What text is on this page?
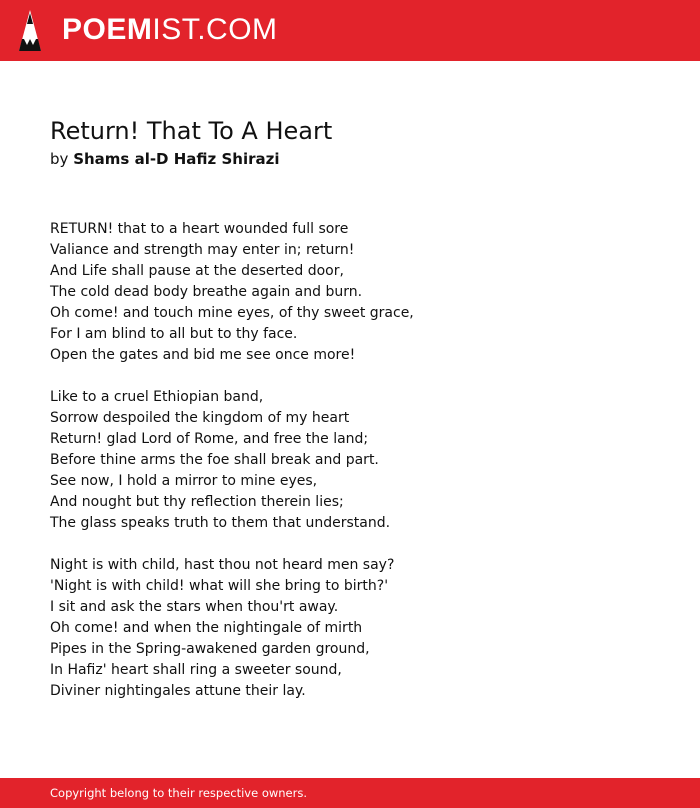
POEMIST.COM
Return! That To A Heart
by Shams al-D Hafiz Shirazi
RETURN! that to a heart wounded full sore
Valiance and strength may enter in; return!
And Life shall pause at the deserted door,
The cold dead body breathe again and burn.
Oh come! and touch mine eyes, of thy sweet grace,
For I am blind to all but to thy face.
Open the gates and bid me see once more!
Like to a cruel Ethiopian band,
Sorrow despoiled the kingdom of my heart
Return! glad Lord of Rome, and free the land;
Before thine arms the foe shall break and part.
See now, I hold a mirror to mine eyes,
And nought but thy reflection therein lies;
The glass speaks truth to them that understand.
Night is with child, hast thou not heard men say?
'Night is with child! what will she bring to birth?'
I sit and ask the stars when thou'rt away.
Oh come! and when the nightingale of mirth
Pipes in the Spring-awakened garden ground,
In Hafiz' heart shall ring a sweeter sound,
Diviner nightingales attune their lay.
Copyright belong to their respective owners.
